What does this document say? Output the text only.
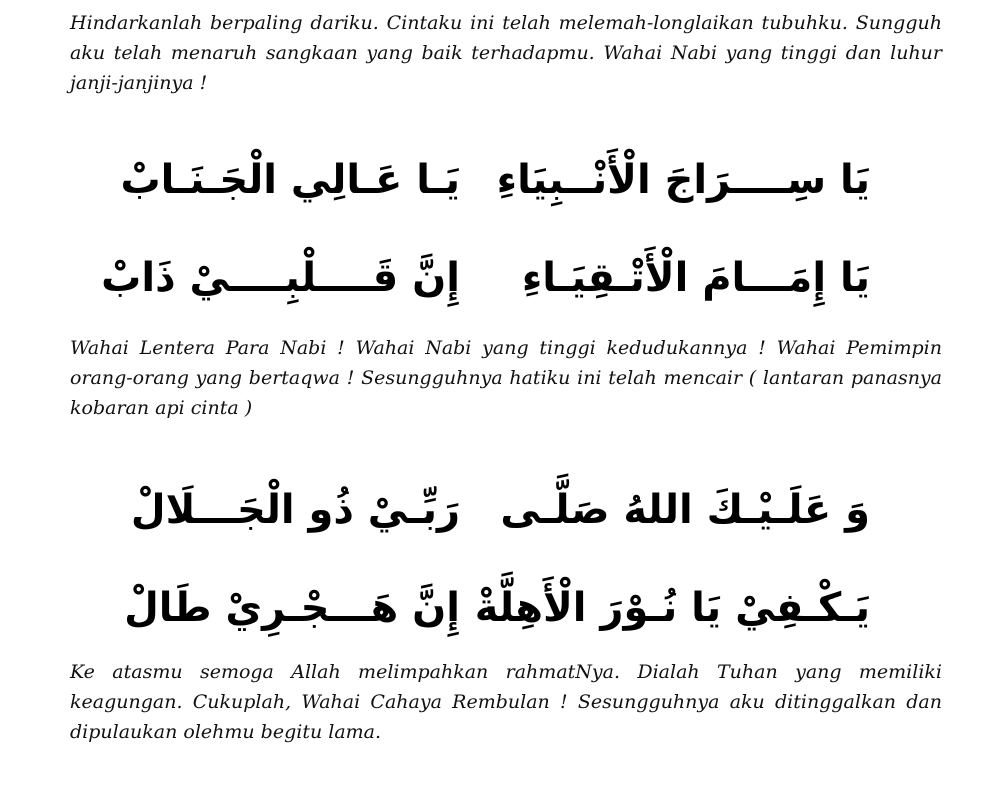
Hindarkanlah berpaling dariku. Cintaku ini telah melemah-longlaikan tubuhku. Sungguh aku telah menaruh sangkaan yang baik terhadapmu. Wahai Nabi yang tinggi dan luhur janji-janjinya !

يَا سِــــرَاجَ الْأَنْــبِيَاءِ
يَـا عَـالِي الْجَـنَـابْ
يَا إِمَـــامَ الْأَتْـقِيَـاءِ
إِنَّ قَــــلْبِــــيْ ذَابْ

Wahai Lentera Para Nabi ! Wahai Nabi yang tinggi kedudukannya ! Wahai Pemimpin orang-orang yang bertaqwa ! Sesungguhnya hatiku ini telah mencair ( lantaran panasnya kobaran api cinta )

وَ عَلَـيْـكَ اللهُ صَلَّـى
رَبِّـيْ ذُو الْجَـــلَالْ
يَـكْـفِيْ يَا نُـوْرَ الْأَهِلَّةْ
إِنَّ هَـــجْـرِيْ طَالْ

Ke atasmu semoga Allah melimpahkan rahmatNya. Dialah Tuhan yang memiliki keagungan. Cukuplah, Wahai Cahaya Rembulan ! Sesungguhnya aku ditinggalkan dan dipulaukan olehmu begitu lama.
